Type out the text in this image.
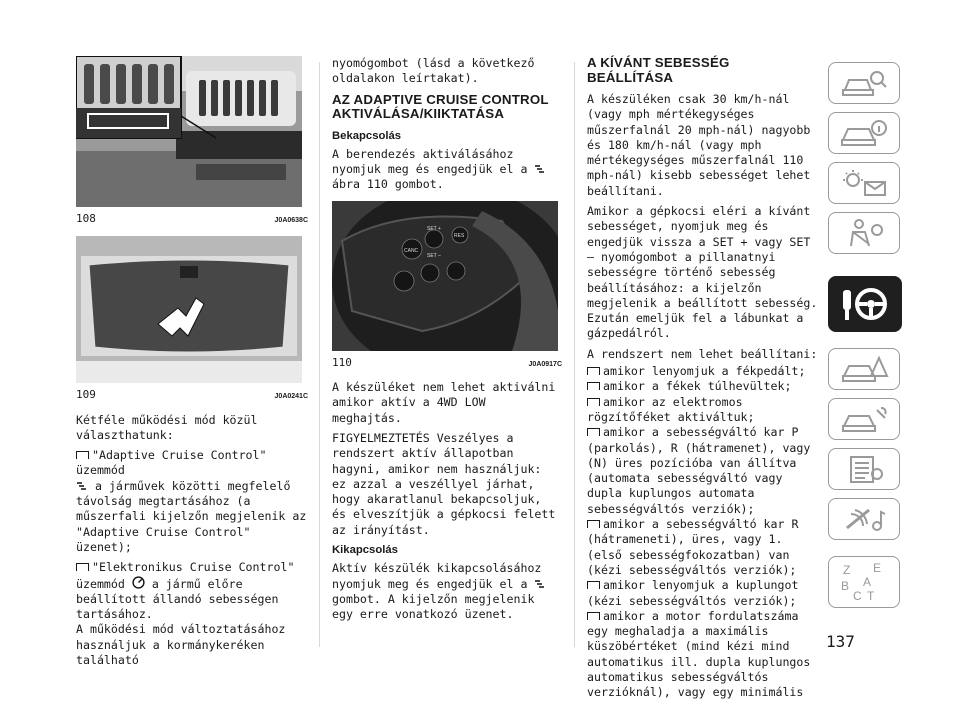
108	J0A0638C
109	J0A0241C

Kétféle működési mód közül választhatunk:

"Adaptive Cruise Control" üzemmód

a járművek közötti megfelelő távolság megtartásához (a műszerfali kijelzőn megjelenik az "Adaptive Cruise Control" üzenet);

"Elektronikus Cruise Control" üzemmód a jármű előre beállított állandó sebességen tartásához.

A működési mód változtatásához használjuk a kormánykeréken található

nyomógombot (lásd a következő oldalakon leírtakat).

AZ ADAPTIVE CRUISE CONTROL AKTIVÁLÁSA/KIIKTATÁSA
Bekapcsolás

A berendezés aktiválásához nyomjuk meg és engedjük el a  ábra 110 gombot.

CANC
SET +
SET –
RES
110	J0A0917C

A készüléket nem lehet aktiválni amikor aktív a 4WD LOW meghajtás.

FIGYELMEZTETÉS Veszélyes a rendszert aktív állapotban hagyni, amikor nem használjuk: ez azzal a veszéllyel járhat, hogy akaratlanul bekapcsoljuk, és elveszítjük a gépkocsi felett az irányítást.

Kikapcsolás

Aktív készülék kikapcsolásához nyomjuk meg és engedjük el a  gombot. A kijelzőn megjelenik egy erre vonatkozó üzenet.

A KÍVÁNT SEBESSÉG BEÁLLÍTÁSA

A készüléken csak 30 km/h-nál (vagy mph mértékegységes műszerfalnál 20 mph-nál) nagyobb és 180 km/h-nál (vagy mph mértékegységes műszerfalnál 110 mph-nál) kisebb sebességet lehet beállítani.

Amikor a gépkocsi eléri a kívánt sebességet, nyomjuk meg és engedjük vissza a SET + vagy SET – nyomógombot a pillanatnyi sebességre történő sebesség beállításához: a kijelzőn megjelenik a beállított sebesség. Ezután emeljük fel a lábunkat a gázpedálról.

A rendszert nem lehet beállítani:

amikor lenyomjuk a fékpedált;

amikor a fékek túlhevültek;

amikor az elektromos rögzítőféket aktiváltuk;

amikor a sebességváltó kar P (parkolás), R (hátramenet), vagy (N) üres pozícióba van állítva (automata sebességváltó vagy dupla kuplungos automata sebességváltós verziók);

amikor a sebességváltó kar R (hátrameneti), üres, vagy 1. (első sebességfokozatban) van (kézi sebességváltós verziók);

amikor lenyomjuk a kuplungot (kézi sebességváltós verziók);

amikor a motor fordulatszáma egy meghaladja a maximális küszöbértéket (mind kézi mind automatikus ill. dupla kuplungos automatikus sebességváltós verzióknál), vagy egy minimális

Z E
B A
C T
137
